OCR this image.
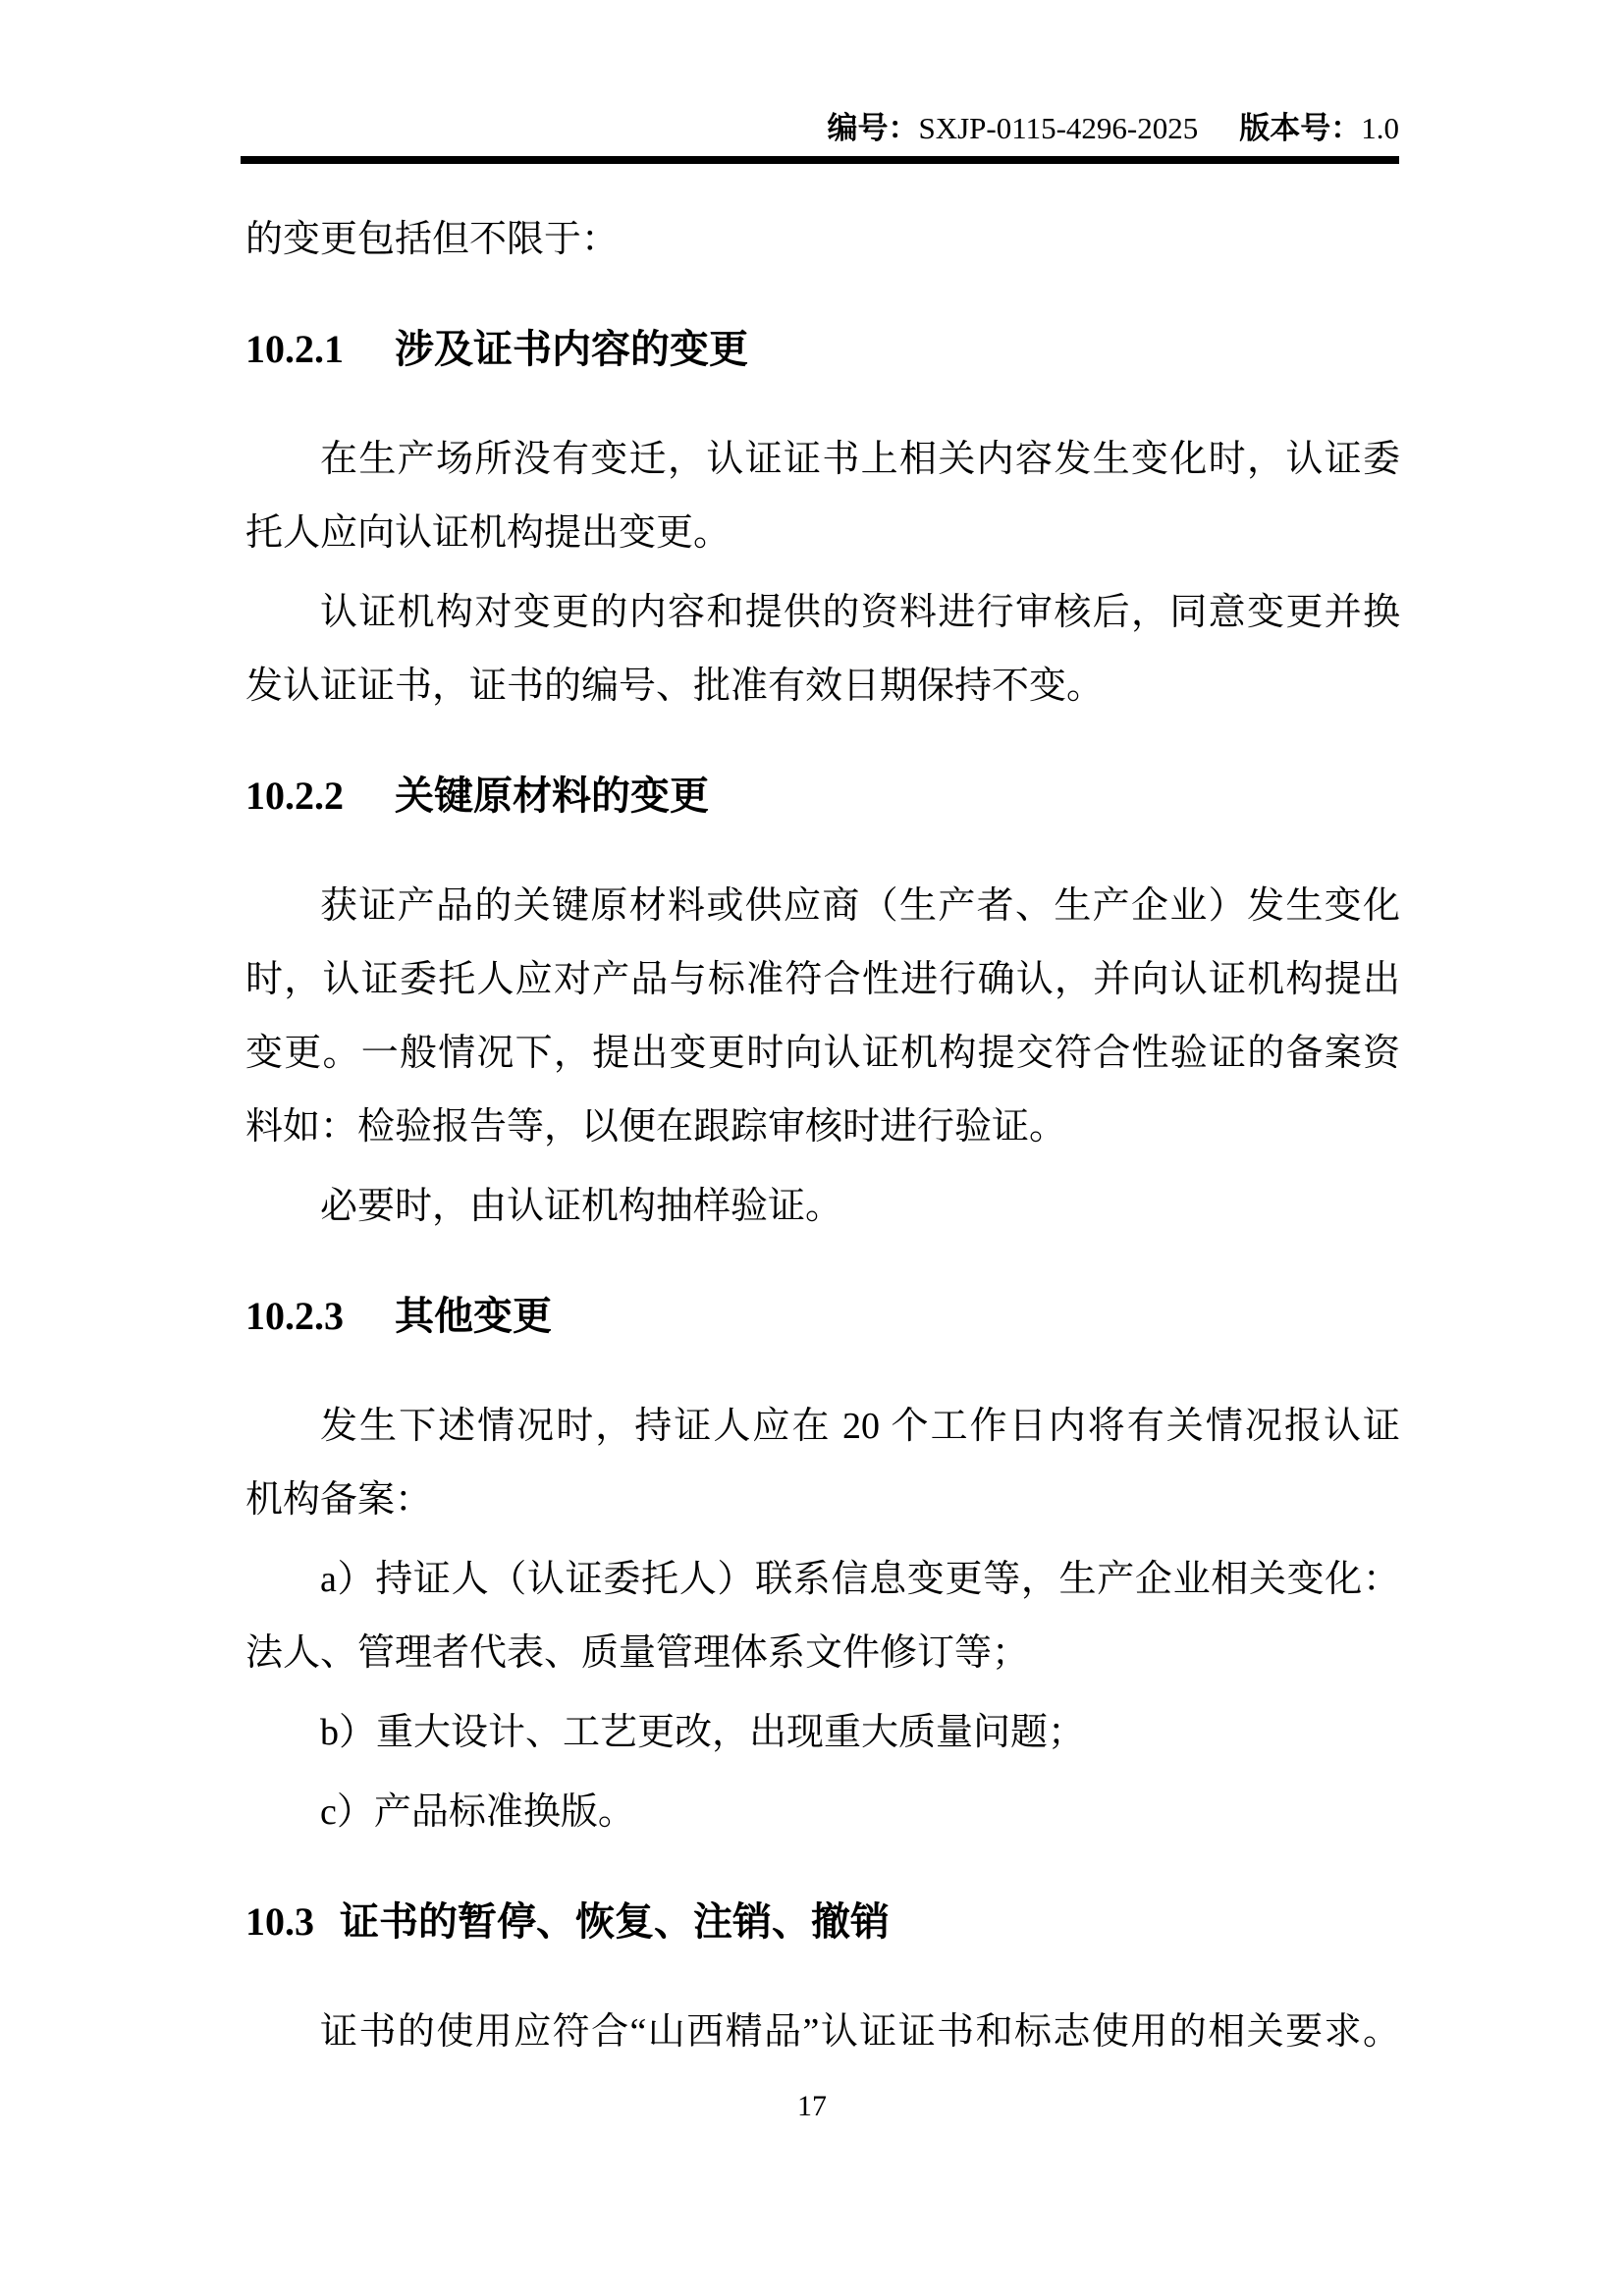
编号：SXJP-0115-4296-2025 版本号：1.0

的变更包括但不限于：

10.2.1 涉及证书内容的变更
在生产场所没有变迁，认证证书上相关内容发生变化时，认证委
托人应向认证机构提出变更。
认证机构对变更的内容和提供的资料进行审核后，同意变更并换
发认证证书，证书的编号、批准有效日期保持不变。
10.2.2 关键原材料的变更
获证产品的关键原材料或供应商（生产者、生产企业）发生变化
时，认证委托人应对产品与标准符合性进行确认，并向认证机构提出
变更。一般情况下，提出变更时向认证机构提交符合性验证的备案资
料如：检验报告等，以便在跟踪审核时进行验证。
必要时，由认证机构抽样验证。
10.2.3 其他变更
发生下述情况时，持证人应在 20 个工作日内将有关情况报认证
机构备案：
a）持证人（认证委托人）联系信息变更等，生产企业相关变化：
法人、管理者代表、质量管理体系文件修订等；
b）重大设计、工艺更改，出现重大质量问题；
c）产品标准换版。
10.3 证书的暂停、恢复、注销、撤销
证书的使用应符合“山西精品”认证证书和标志使用的相关要求。
17
